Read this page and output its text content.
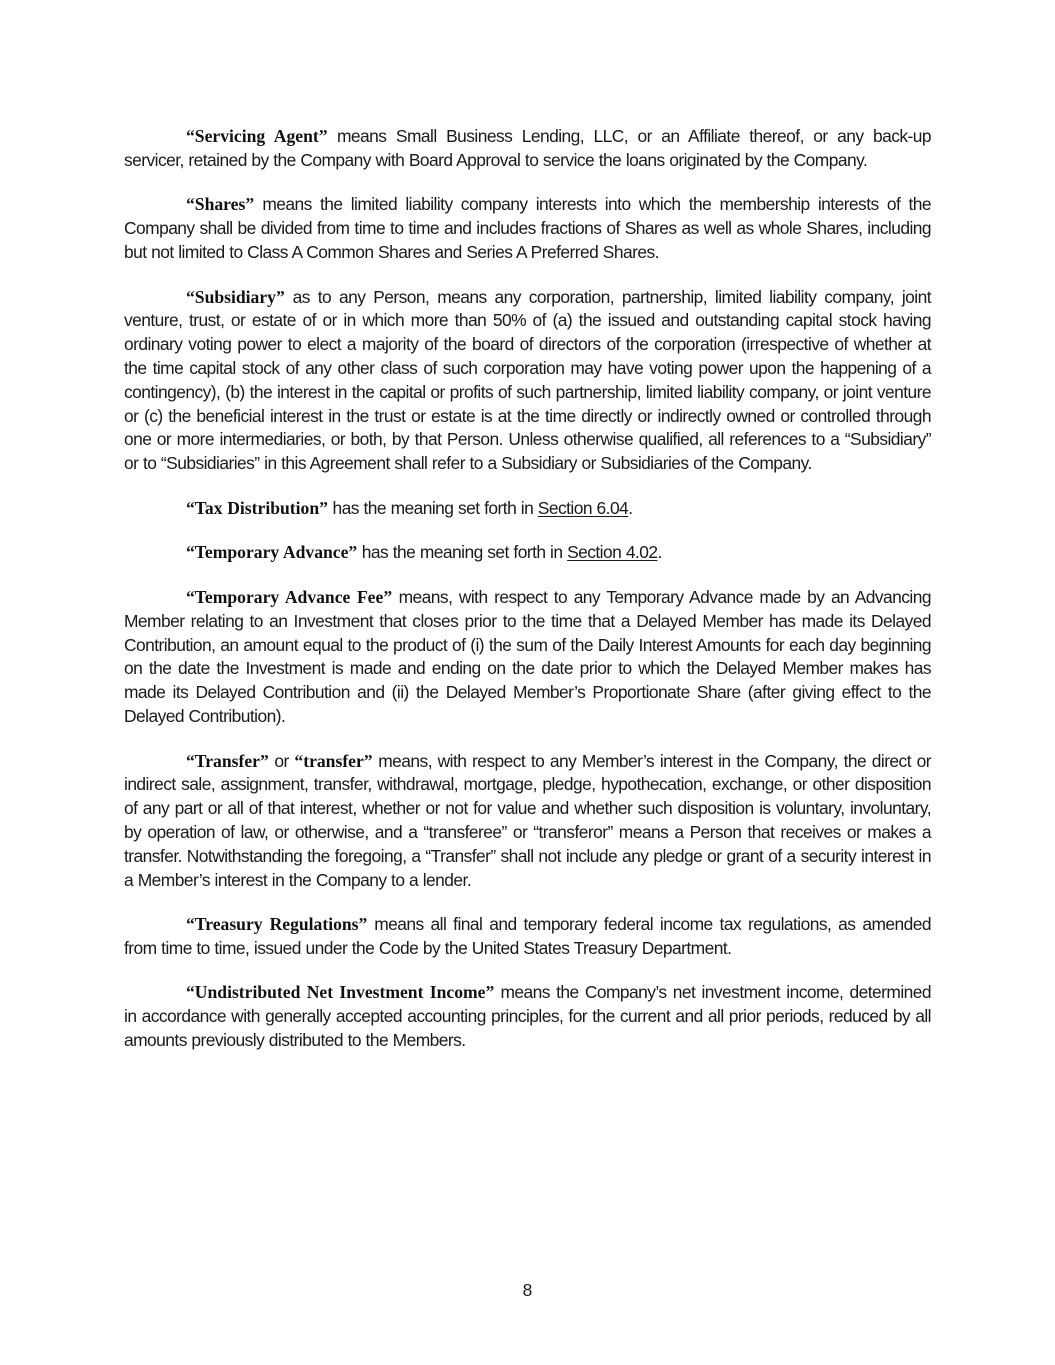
“Servicing Agent” means Small Business Lending, LLC, or an Affiliate thereof, or any back-up servicer, retained by the Company with Board Approval to service the loans originated by the Company.

“Shares” means the limited liability company interests into which the membership interests of the Company shall be divided from time to time and includes fractions of Shares as well as whole Shares, including but not limited to Class A Common Shares and Series A Preferred Shares.

“Subsidiary” as to any Person, means any corporation, partnership, limited liability company, joint venture, trust, or estate of or in which more than 50% of (a) the issued and outstanding capital stock having ordinary voting power to elect a majority of the board of directors of the corporation (irrespective of whether at the time capital stock of any other class of such corporation may have voting power upon the happening of a contingency), (b) the interest in the capital or profits of such partnership, limited liability company, or joint venture or (c) the beneficial interest in the trust or estate is at the time directly or indirectly owned or controlled through one or more intermediaries, or both, by that Person. Unless otherwise qualified, all references to a “Subsidiary” or to “Subsidiaries” in this Agreement shall refer to a Subsidiary or Subsidiaries of the Company.

“Tax Distribution” has the meaning set forth in Section 6.04.

“Temporary Advance” has the meaning set forth in Section 4.02.

“Temporary Advance Fee” means, with respect to any Temporary Advance made by an Advancing Member relating to an Investment that closes prior to the time that a Delayed Member has made its Delayed Contribution, an amount equal to the product of (i) the sum of the Daily Interest Amounts for each day beginning on the date the Investment is made and ending on the date prior to which the Delayed Member makes has made its Delayed Contribution and (ii) the Delayed Member’s Proportionate Share (after giving effect to the Delayed Contribution).

“Transfer” or “transfer” means, with respect to any Member’s interest in the Company, the direct or indirect sale, assignment, transfer, withdrawal, mortgage, pledge, hypothecation, exchange, or other disposition of any part or all of that interest, whether or not for value and whether such disposition is voluntary, involuntary, by operation of law, or otherwise, and a “transferee” or “transferor” means a Person that receives or makes a transfer. Notwithstanding the foregoing, a “Transfer” shall not include any pledge or grant of a security interest in a Member’s interest in the Company to a lender.

“Treasury Regulations” means all final and temporary federal income tax regulations, as amended from time to time, issued under the Code by the United States Treasury Department.

“Undistributed Net Investment Income” means the Company’s net investment income, determined in accordance with generally accepted accounting principles, for the current and all prior periods, reduced by all amounts previously distributed to the Members.

8
